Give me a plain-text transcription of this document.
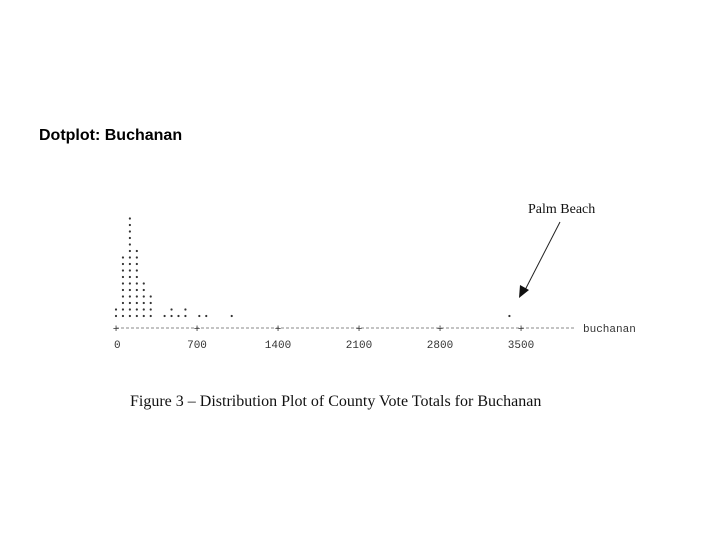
Dotplot: Buchanan
+
0
+
700
+
1400
+
2100
+
2800
+
3500
buchanan
Palm Beach
Figure 3 – Distribution Plot of County Vote Totals for Buchanan
